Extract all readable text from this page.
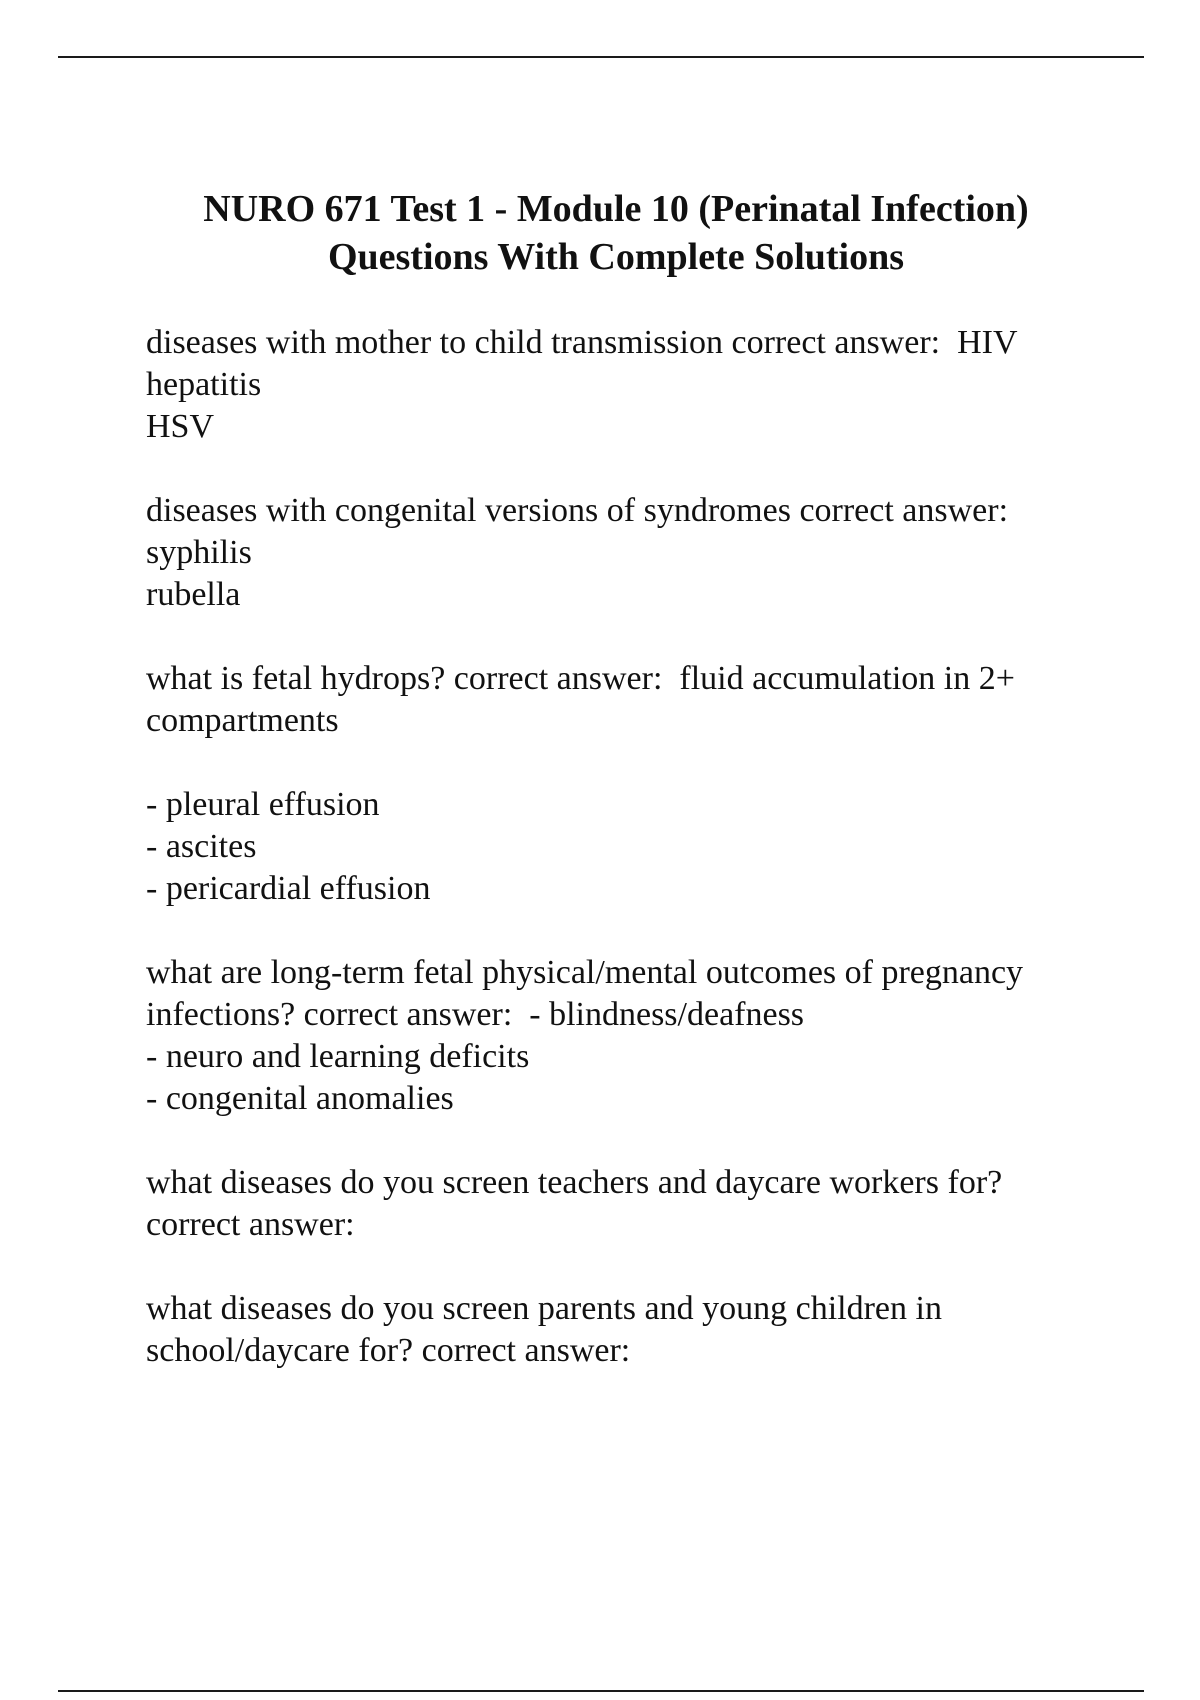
NURO 671 Test 1 - Module 10 (Perinatal Infection)
Questions With Complete Solutions
diseases with mother to child transmission correct answer:  HIV
hepatitis
HSV
diseases with congenital versions of syndromes correct answer:
syphilis
rubella
what is fetal hydrops? correct answer:  fluid accumulation in 2+
compartments
- pleural effusion
- ascites
- pericardial effusion
what are long-term fetal physical/mental outcomes of pregnancy
infections? correct answer:  - blindness/deafness
- neuro and learning deficits
- congenital anomalies
what diseases do you screen teachers and daycare workers for?
correct answer:
what diseases do you screen parents and young children in
school/daycare for? correct answer:
